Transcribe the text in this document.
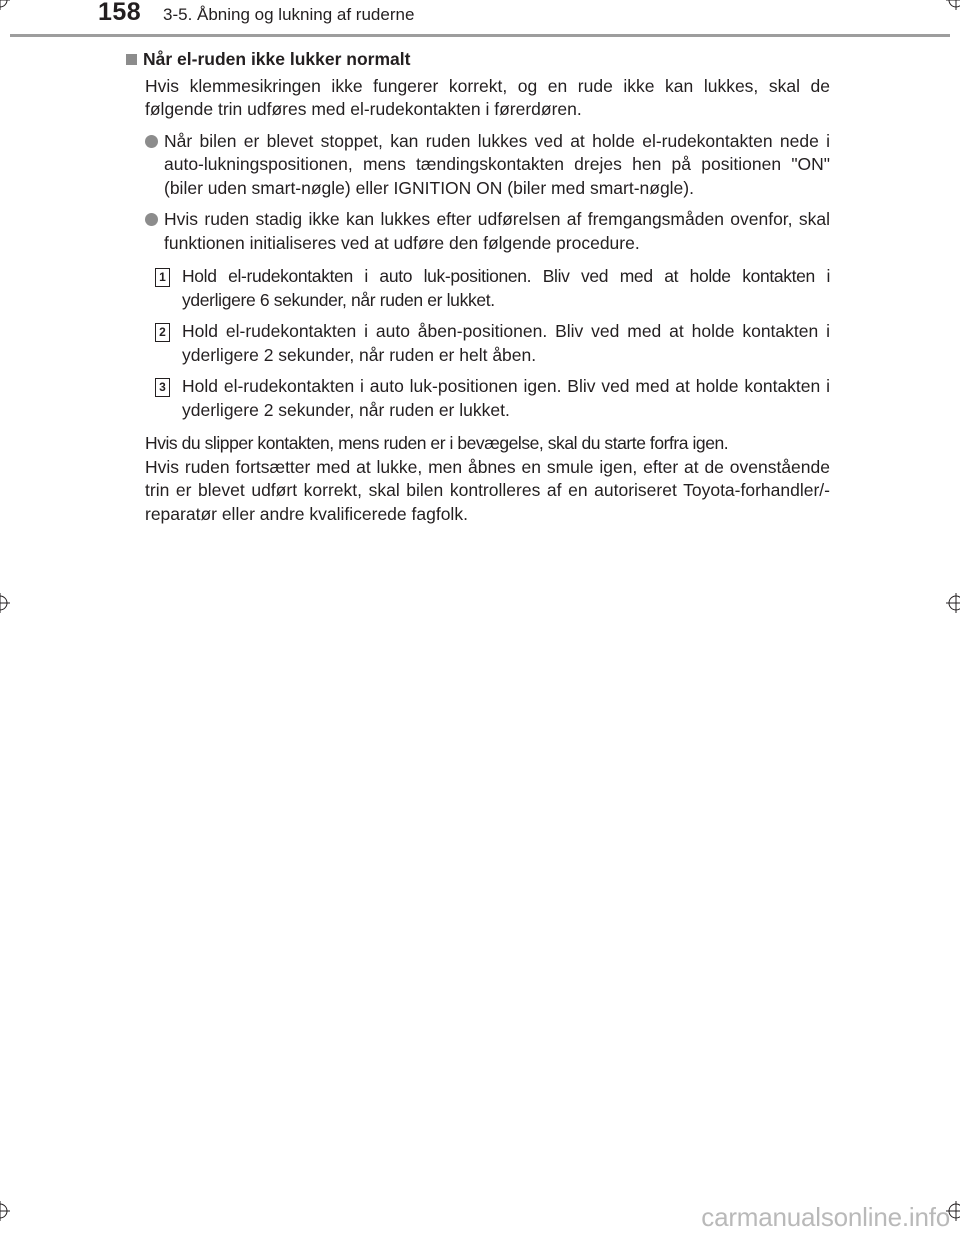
158 3-5. Åbning og lukning af ruderne
Når el-ruden ikke lukker normalt

Hvis klemmesikringen ikke fungerer korrekt, og en rude ikke kan lukkes, skal de følgende trin udføres med el-rudekontakten i førerdøren.

Når bilen er blevet stoppet, kan ruden lukkes ved at holde el-rudekontakten nede i auto-lukningspositionen, mens tændingskontakten drejes hen på positionen "ON" (biler uden smart-nøgle) eller IGNITION ON (biler med smart-nøgle).
Hvis ruden stadig ikke kan lukkes efter udførelsen af fremgangsmåden ovenfor, skal funktionen initialiseres ved at udføre den følgende procedure.
1 Hold el-rudekontakten i auto luk-positionen. Bliv ved med at holde kontakten i yderligere 6 sekunder, når ruden er lukket.
2 Hold el-rudekontakten i auto åben-positionen. Bliv ved med at holde kontakten i yderligere 2 sekunder, når ruden er helt åben.
3 Hold el-rudekontakten i auto luk-positionen igen. Bliv ved med at holde kontakten i yderligere 2 sekunder, når ruden er lukket.

Hvis du slipper kontakten, mens ruden er i bevægelse, skal du starte forfra igen.

Hvis ruden fortsætter med at lukke, men åbnes en smule igen, efter at de ovenstående trin er blevet udført korrekt, skal bilen kontrolleres af en autoriseret Toyota-forhandler/-reparatør eller andre kvalificerede fagfolk.

carmanualsonline.info
